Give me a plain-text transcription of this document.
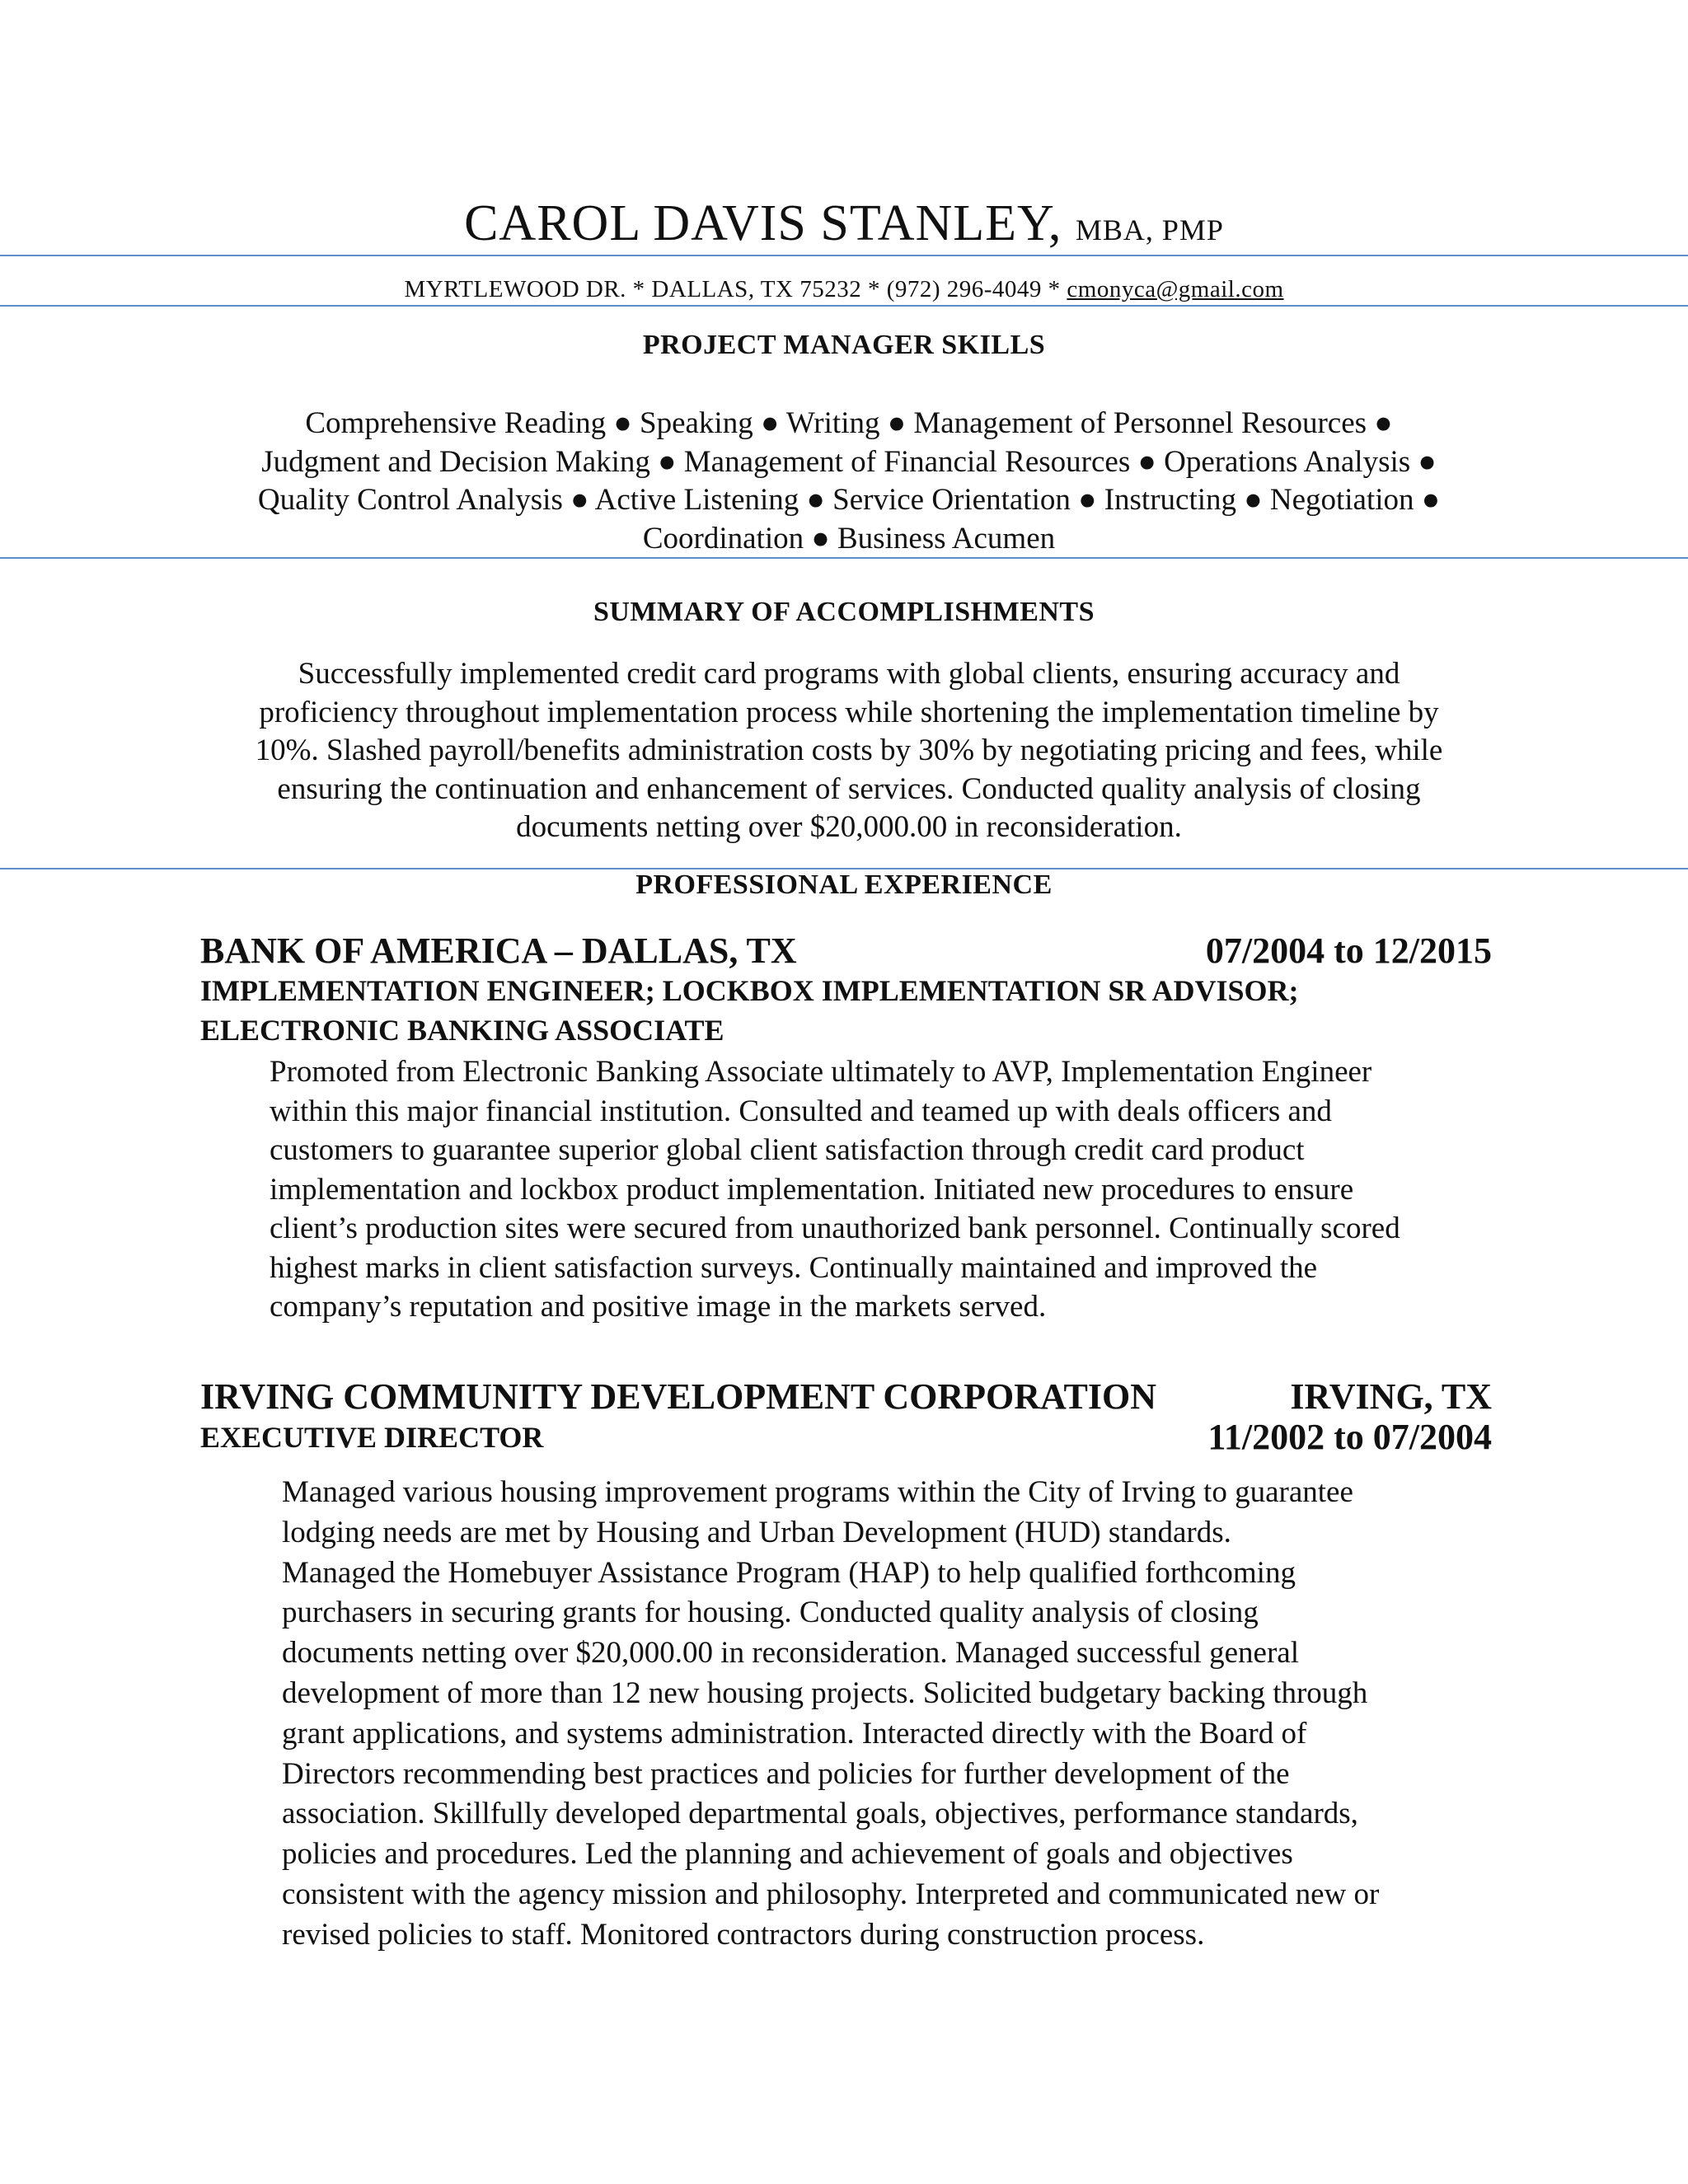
CAROL DAVIS STANLEY, MBA, PMP
MYRTLEWOOD DR. * DALLAS, TX 75232 * (972) 296-4049 * cmonyca@gmail.com
PROJECT MANAGER SKILLS
Comprehensive Reading ● Speaking ● Writing ● Management of Personnel Resources ●
Judgment and Decision Making ● Management of Financial Resources ● Operations Analysis ●
Quality Control Analysis ● Active Listening ● Service Orientation ● Instructing ● Negotiation ●
Coordination ● Business Acumen
SUMMARY OF ACCOMPLISHMENTS
Successfully implemented credit card programs with global clients, ensuring accuracy and
proficiency throughout implementation process while shortening the implementation timeline by
10%. Slashed payroll/benefits administration costs by 30% by negotiating pricing and fees, while
ensuring the continuation and enhancement of services. Conducted quality analysis of closing
documents netting over $20,000.00 in reconsideration.
PROFESSIONAL EXPERIENCE
BANK OF AMERICA – DALLAS, TX	07/2004 to 12/2015
IMPLEMENTATION ENGINEER; LOCKBOX IMPLEMENTATION SR ADVISOR;
ELECTRONIC BANKING ASSOCIATE
Promoted from Electronic Banking Associate ultimately to AVP, Implementation Engineer
within this major financial institution. Consulted and teamed up with deals officers and
customers to guarantee superior global client satisfaction through credit card product
implementation and lockbox product implementation. Initiated new procedures to ensure
client’s production sites were secured from unauthorized bank personnel. Continually scored
highest marks in client satisfaction surveys. Continually maintained and improved the
company’s reputation and positive image in the markets served.
IRVING COMMUNITY DEVELOPMENT CORPORATION	IRVING, TX
EXECUTIVE DIRECTOR	11/2002 to 07/2004
Managed various housing improvement programs within the City of Irving to guarantee
lodging needs are met by Housing and Urban Development (HUD) standards.
Managed the Homebuyer Assistance Program (HAP) to help qualified forthcoming
purchasers in securing grants for housing. Conducted quality analysis of closing
documents netting over $20,000.00 in reconsideration. Managed successful general
development of more than 12 new housing projects. Solicited budgetary backing through
grant applications, and systems administration. Interacted directly with the Board of
Directors recommending best practices and policies for further development of the
association. Skillfully developed departmental goals, objectives, performance standards,
policies and procedures. Led the planning and achievement of goals and objectives
consistent with the agency mission and philosophy. Interpreted and communicated new or
revised policies to staff. Monitored contractors during construction process.
